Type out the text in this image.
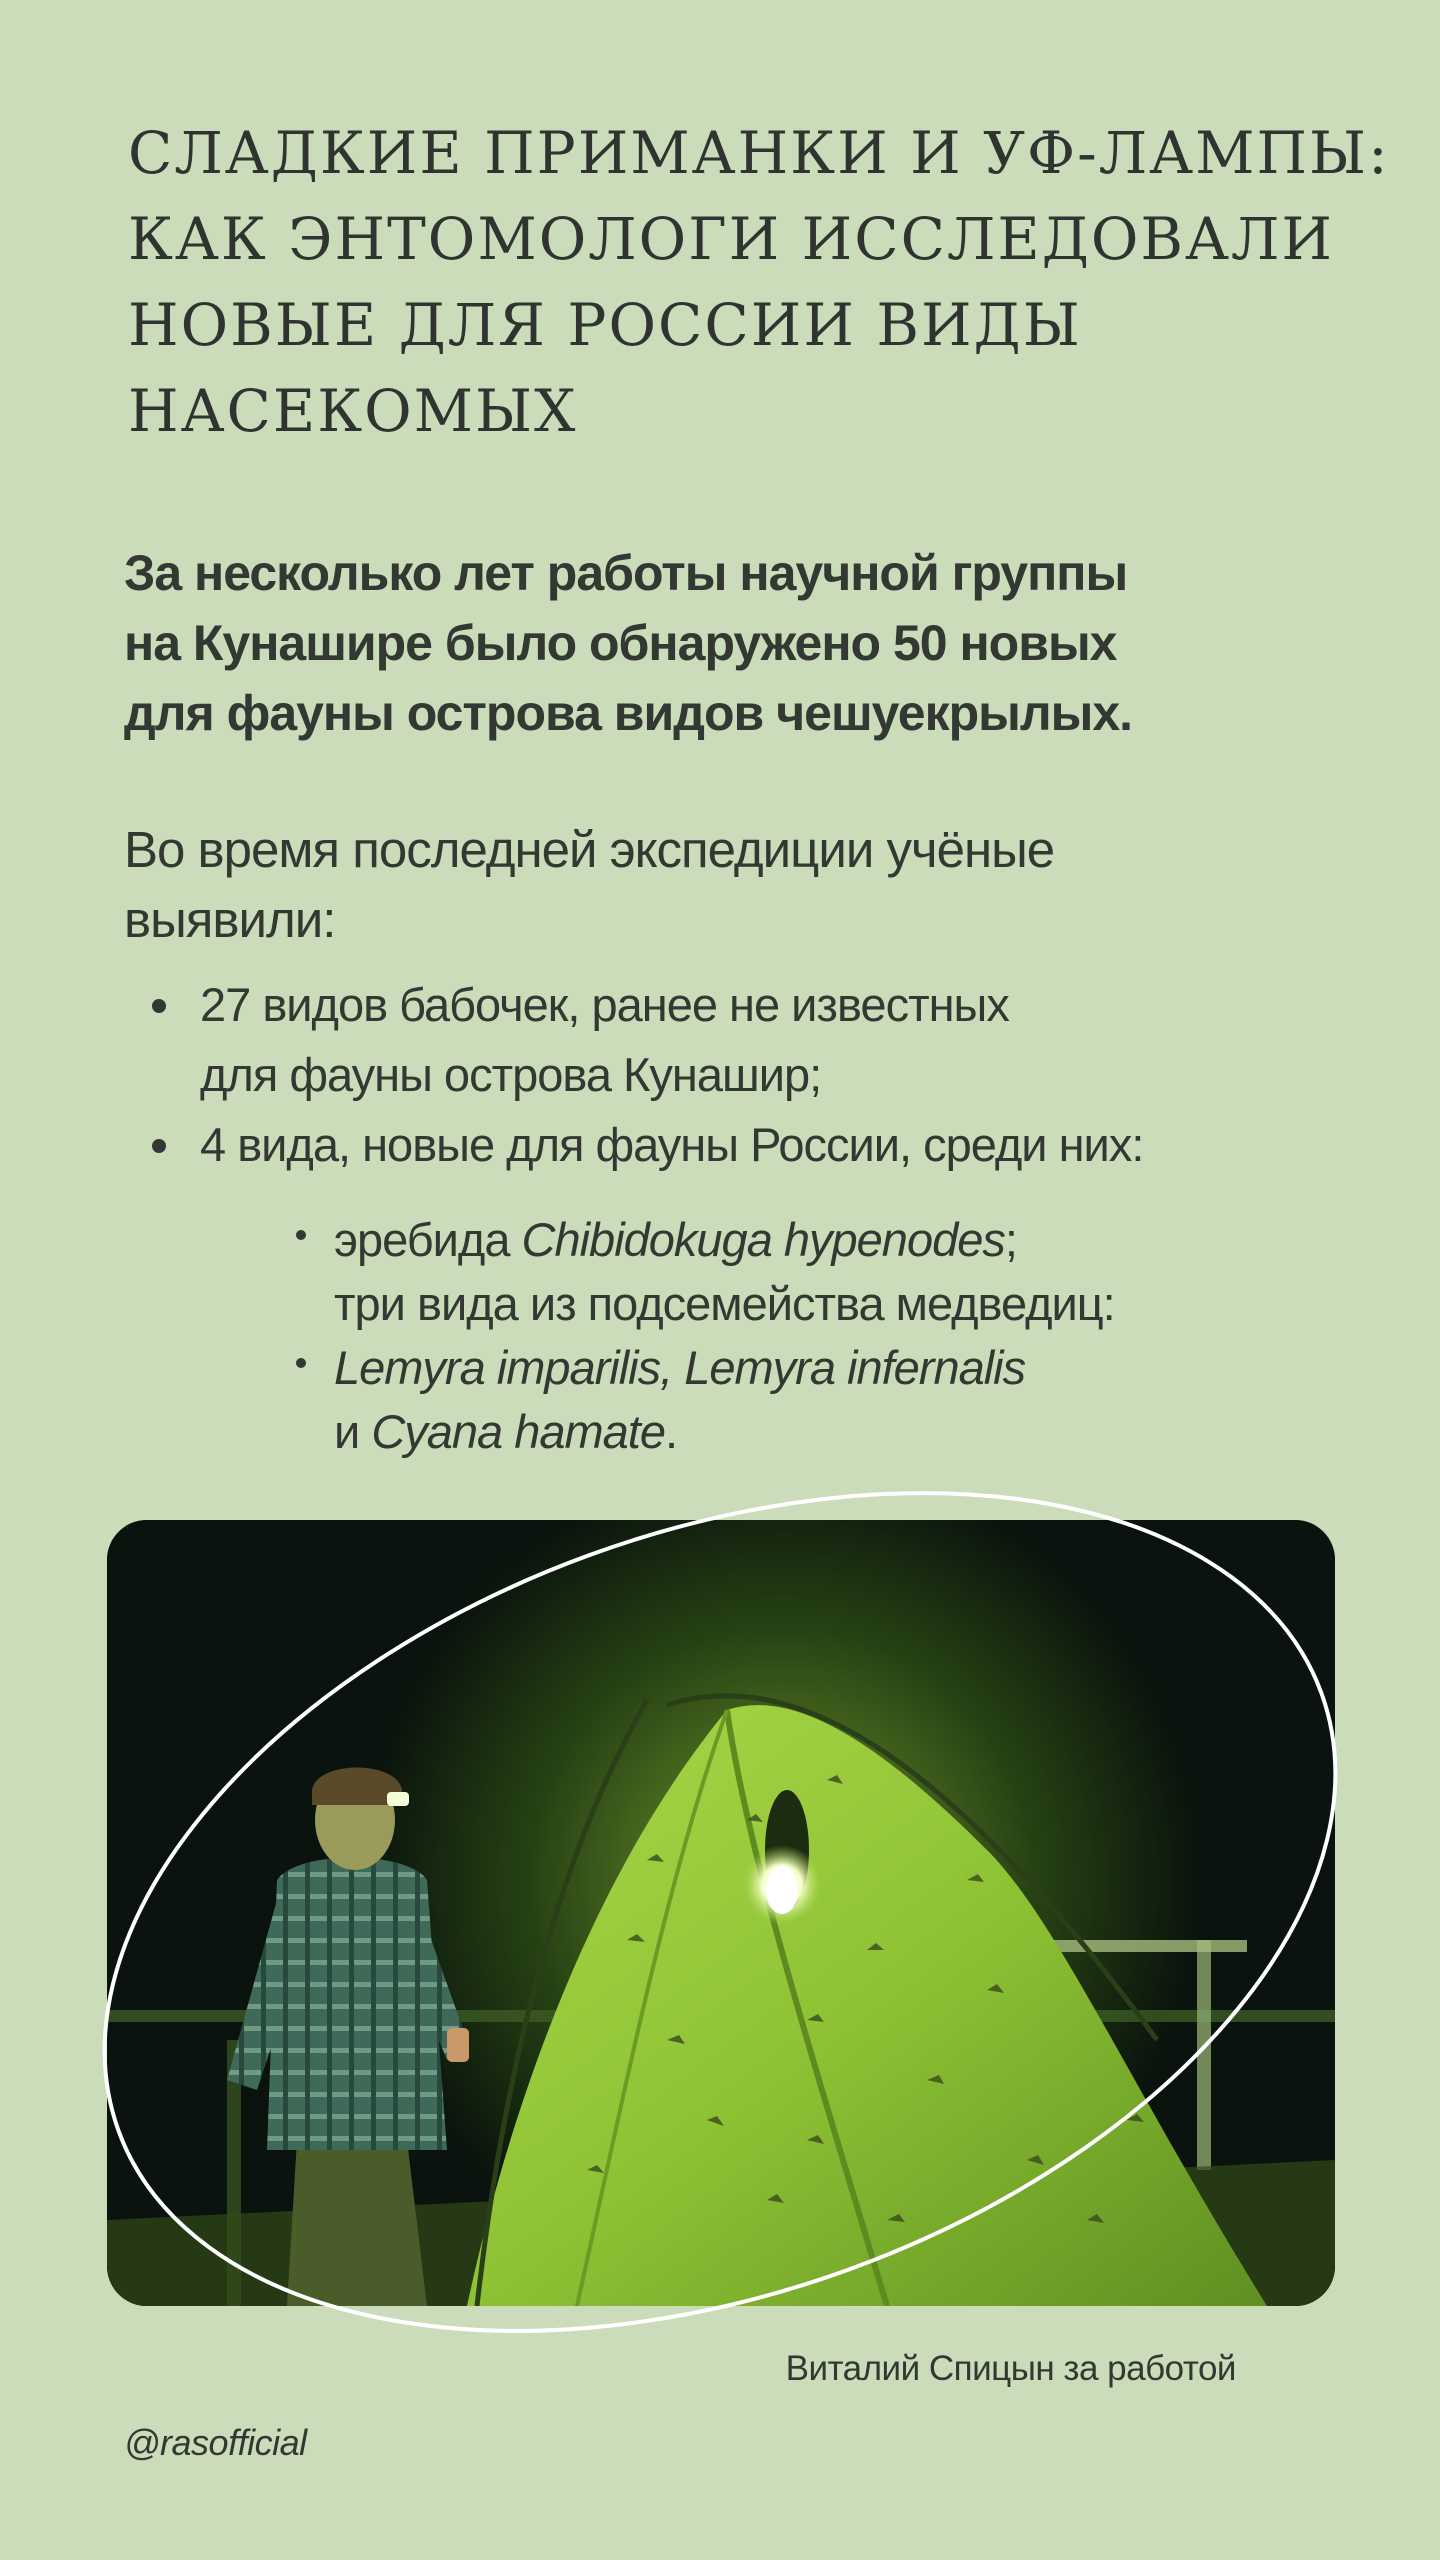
СЛАДКИЕ ПРИМАНКИ И УФ-ЛАМПЫ:
КАК ЭНТОМОЛОГИ ИССЛЕДОВАЛИ
НОВЫЕ ДЛЯ РОССИИ ВИДЫ
НАСЕКОМЫХ

За несколько лет работы научной группы
на Кунашире было обнаружено 50 новых
для фауны острова видов чешуекрылых.

Во время последней экспедиции учёные
выявили:

27 видов бабочек, ранее не известных
для фауны острова Кунашир;
4 вида, новые для фауны России, среди них:
эребида Chibidokuga hypenodes;
три вида из подсемейства медведиц:
Lemyra imparilis, Lemyra infernalis
и Cyana hamate.

Виталий Спицын за работой

@rasofficial
